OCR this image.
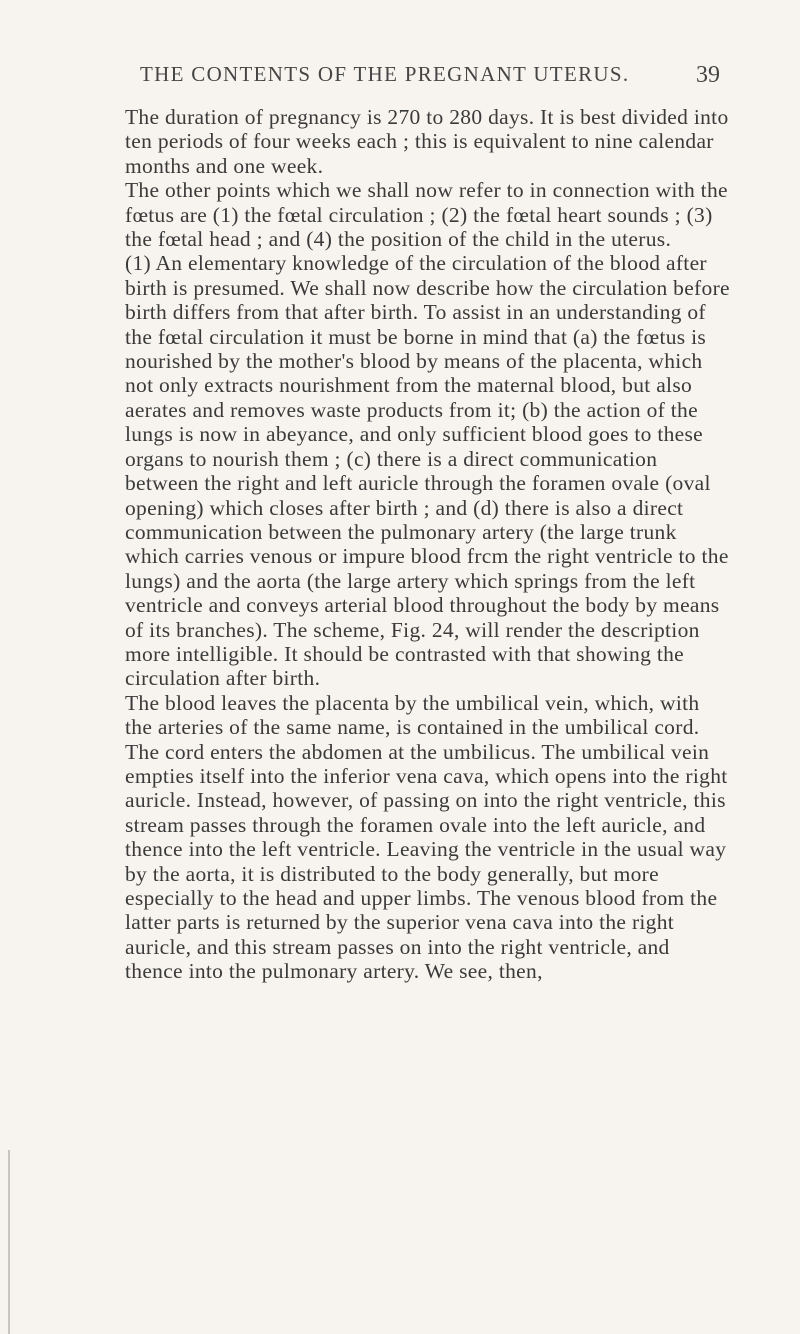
THE CONTENTS OF THE PREGNANT UTERUS.	39

The duration of pregnancy is 270 to 280 days. It is best divided into ten periods of four weeks each ; this is equivalent to nine calendar months and one week.

The other points which we shall now refer to in connection with the fœtus are (1) the fœtal circulation ; (2) the fœtal heart sounds ; (3) the fœtal head ; and (4) the position of the child in the uterus.

(1) An elementary knowledge of the circulation of the blood after birth is presumed. We shall now describe how the circulation before birth differs from that after birth. To assist in an understanding of the fœtal circulation it must be borne in mind that (a) the fœtus is nourished by the mother's blood by means of the placenta, which not only extracts nourishment from the maternal blood, but also aerates and removes waste products from it; (b) the action of the lungs is now in abeyance, and only sufficient blood goes to these organs to nourish them ; (c) there is a direct communication between the right and left auricle through the foramen ovale (oval opening) which closes after birth ; and (d) there is also a direct communication between the pulmonary artery (the large trunk which carries venous or impure blood frcm the right ventricle to the lungs) and the aorta (the large artery which springs from the left ventricle and conveys arterial blood throughout the body by means of its branches). The scheme, Fig. 24, will render the description more intelligible. It should be contrasted with that showing the circulation after birth.

The blood leaves the placenta by the umbilical vein, which, with the arteries of the same name, is contained in the umbilical cord. The cord enters the abdomen at the umbilicus. The umbilical vein empties itself into the inferior vena cava, which opens into the right auricle. Instead, however, of passing on into the right ventricle, this stream passes through the foramen ovale into the left auricle, and thence into the left ventricle. Leaving the ventricle in the usual way by the aorta, it is distributed to the body generally, but more especially to the head and upper limbs. The venous blood from the latter parts is returned by the superior vena cava into the right auricle, and this stream passes on into the right ventricle, and thence into the pulmonary artery. We see, then,
